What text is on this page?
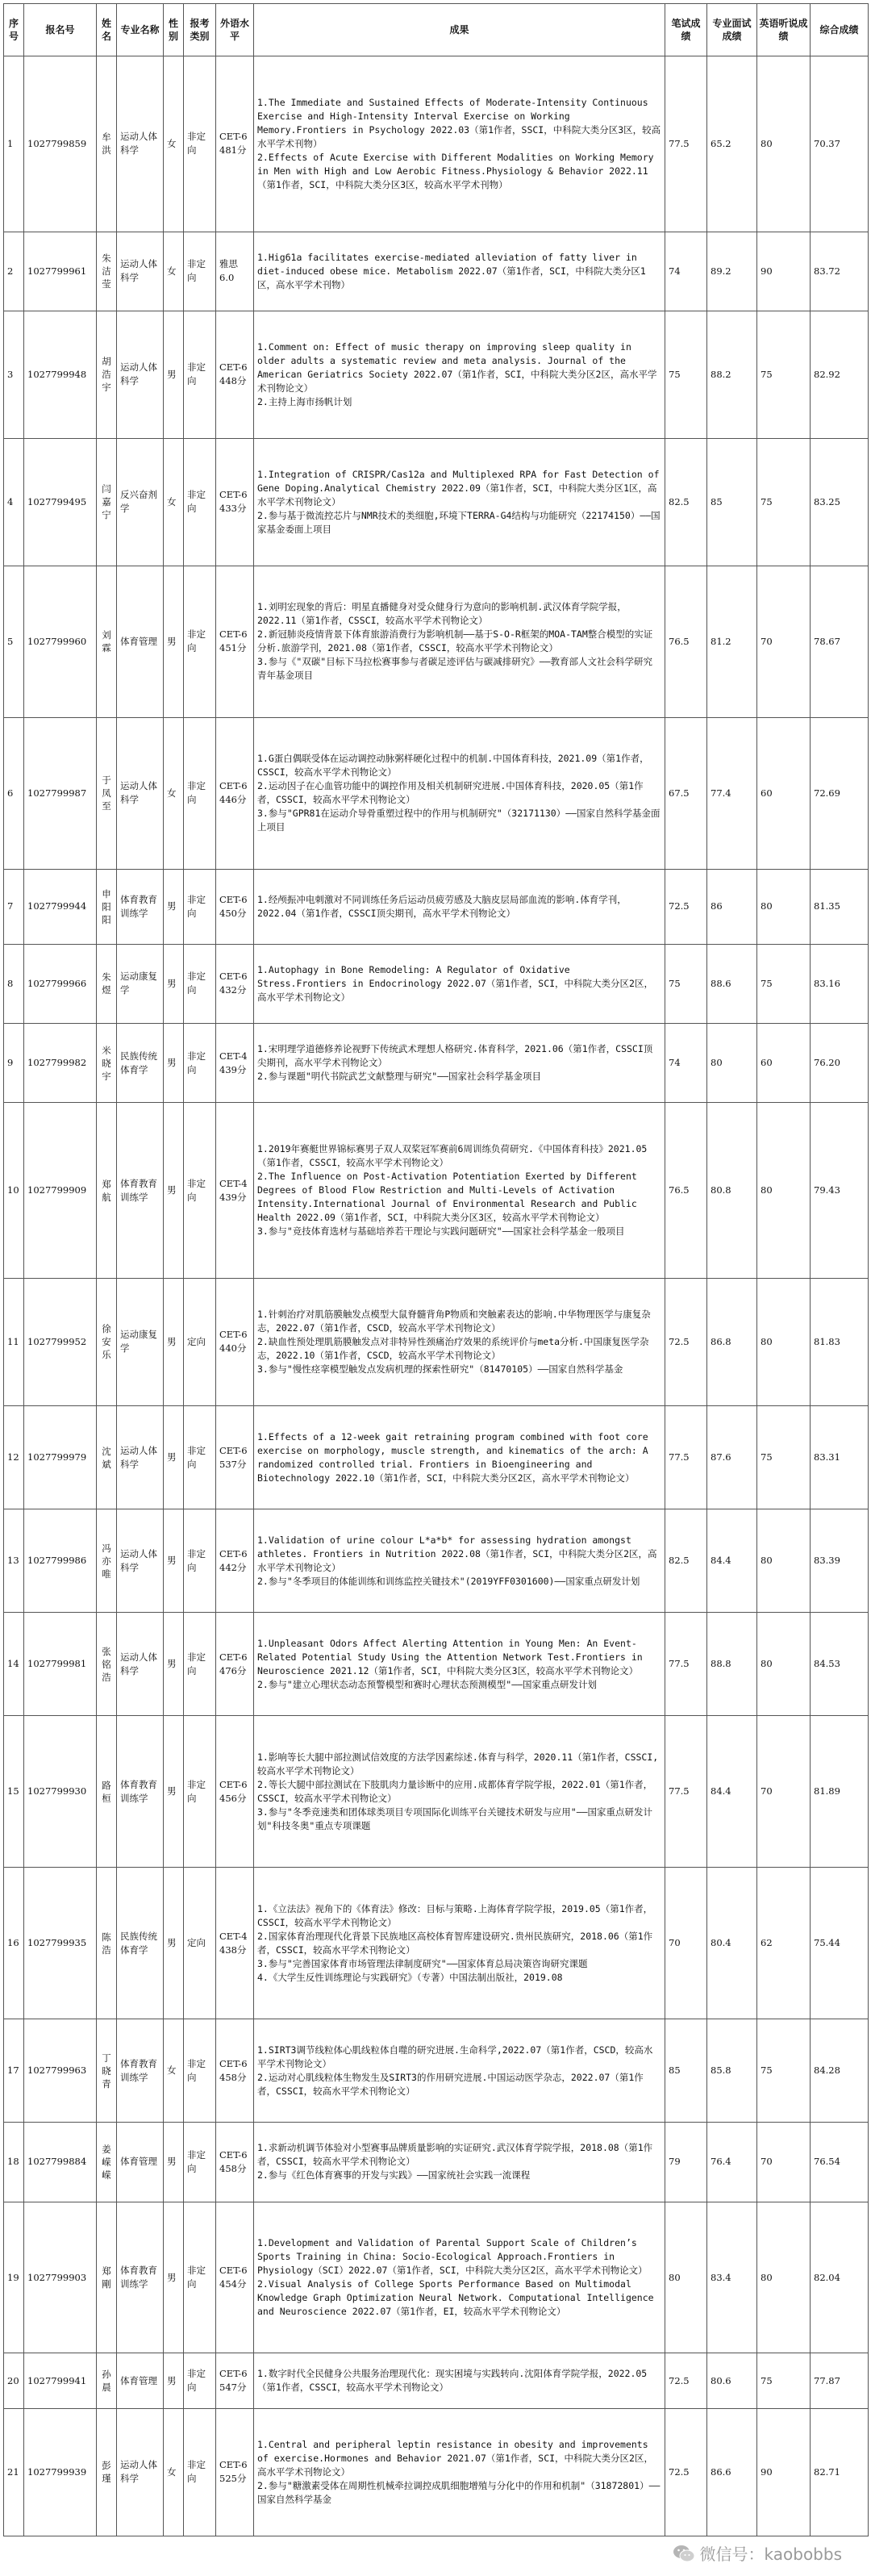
序号	报名号	姓名	专业名称	性别	报考类别	外语水平	成果	笔试成绩	专业面试成绩	英语听说成绩	综合成绩
1	1027799859	牟洪	运动人体科学	女	非定向	CET-6 481分	1.The Immediate and Sustained Effects of Moderate-Intensity Continuous Exercise and High-Intensity Interval Exercise on Working Memory.Frontiers in Psychology 2022.03（第1作者，SSCI，中科院大类分区3区，较高水平学术刊物）
2.Effects of Acute Exercise with Different Modalities on Working Memory in Men with High and Low Aerobic Fitness.Physiology & Behavior 2022.11（第1作者，SCI，中科院大类分区3区，较高水平学术刊物）	77.5	65.2	80	70.37
2	1027799961	朱洁莹	运动人体科学	女	非定向	雅思6.0	1.Hig61a facilitates exercise-mediated alleviation of fatty liver in diet-induced obese mice. Metabolism 2022.07（第1作者，SCI，中科院大类分区1区，高水平学术刊物）	74	89.2	90	83.72
3	1027799948	胡浩宇	运动人体科学	男	非定向	CET-6 448分	1.Comment on: Effect of music therapy on improving sleep quality in older adults a systematic review and meta analysis. Journal of the American Geriatrics Society 2022.07（第1作者，SCI，中科院大类分区2区，高水平学术刊物论文）
2.主持上海市扬帆计划	75	88.2	75	82.92
4	1027799495	闫嘉宁	反兴奋剂学	女	非定向	CET-6 433分	1.Integration of CRISPR/Cas12a and Multiplexed RPA for Fast Detection of Gene Doping.Analytical Chemistry 2022.09（第1作者，SCI，中科院大类分区1区，高水平学术刊物论文）
2.参与基于微流控芯片与NMR技术的类细胞,环境下TERRA-G4结构与功能研究（22174150）——国家基金委面上项目	82.5	85	75	83.25
5	1027799960	刘霖	体育管理	男	非定向	CET-6 451分	1.刘明宏现象的背后：明星直播健身对受众健身行为意向的影响机制.武汉体育学院学报，2022.11（第1作者，CSSCI，较高水平学术刊物论文）
2.新冠肺炎疫情背景下体育旅游消费行为影响机制——基于S-O-R框架的MOA-TAM整合模型的实证分析.旅游学刊，2021.08（第1作者，CSSCI，较高水平学术刊物论文）
3.参与《"双碳"目标下马拉松赛事参与者碳足迹评估与碳减排研究》——教育部人文社会科学研究青年基金项目	76.5	81.2	70	78.67
6	1027799987	于凤至	运动人体科学	女	非定向	CET-6 446分	1.G蛋白偶联受体在运动调控动脉粥样硬化过程中的机制.中国体育科技，2021.09（第1作者，CSSCI，较高水平学术刊物论文）
2.运动因子在心血管功能中的调控作用及相关机制研究进展.中国体育科技，2020.05（第1作者，CSSCI，较高水平学术刊物论文）
3.参与"GPR81在运动介导骨重塑过程中的作用与机制研究"（32171130）——国家自然科学基金面上项目	67.5	77.4	60	72.69
7	1027799944	申阳阳	体育教育训练学	男	非定向	CET-6 450分	1.经颅振冲电刺激对不同训练任务后运动员疲劳感及大脑皮层局部血流的影响.体育学刊，2022.04（第1作者，CSSCI顶尖期刊，高水平学术刊物论文）	72.5	86	80	81.35
8	1027799966	朱煜	运动康复学	男	非定向	CET-6 432分	1.Autophagy in Bone Remodeling: A Regulator of Oxidative Stress.Frontiers in Endocrinology 2022.07（第1作者，SCI，中科院大类分区2区，高水平学术刊物论文）	75	88.6	75	83.16
9	1027799982	米晓宇	民族传统体育学	男	非定向	CET-4 439分	1.宋明理学道德修养论视野下传统武术理想人格研究.体育科学，2021.06（第1作者，CSSCI顶尖期刊，高水平学术刊物论文）
2.参与课题"明代书院武艺文献整理与研究"——国家社会科学基金项目	74	80	60	76.20
10	1027799909	郑航	体育教育训练学	男	非定向	CET-4 439分	1.2019年赛艇世界锦标赛男子双人双桨冠军赛前6周训练负荷研究.《中国体育科技》2021.05（第1作者，CSSCI，较高水平学术刊物论文）
2.The Influence on Post-Activation Potentiation Exerted by Different Degrees of Blood Flow Restriction and Multi-Levels of Activation Intensity.International Journal of Environmental Research and Public Health 2022.09（第1作者，SCI，中科院大类分区3区，较高水平学术刊物论文）
3.参与"竞技体育选材与基础培养若干理论与实践问题研究"——国家社会科学基金一般项目	76.5	80.8	80	79.43
11	1027799952	徐安乐	运动康复学	男	定向	CET-6 440分	1.针刺治疗对肌筋膜触发点模型大鼠脊髓背角P物质和突触素表达的影响.中华物理医学与康复杂志，2022.07（第1作者，CSCD，较高水平学术刊物论文）
2.缺血性预处理肌筋膜触发点对非特异性颈痛治疗效果的系统评价与meta分析.中国康复医学杂志，2022.10（第1作者，CSCD，较高水平学术刊物论文）
3.参与"慢性痉挛模型触发点发病机理的探索性研究"（81470105）——国家自然科学基金	72.5	86.8	80	81.83
12	1027799979	沈斌	运动人体科学	男	非定向	CET-6 537分	1.Effects of a 12-week gait retraining program combined with foot core exercise on morphology, muscle strength, and kinematics of the arch: A randomized controlled trial. Frontiers in Bioengineering and Biotechnology 2022.10（第1作者，SCI，中科院大类分区2区，高水平学术刊物论文）	77.5	87.6	75	83.31
13	1027799986	冯亦唯	运动人体科学	男	非定向	CET-6 442分	1.Validation of urine colour L*a*b* for assessing hydration amongst athletes. Frontiers in Nutrition 2022.08（第1作者，SCI，中科院大类分区2区，高水平学术刊物论文）
2.参与"冬季项目的体能训练和训练监控关键技术"(2019YFF0301600)——国家重点研发计划	82.5	84.4	80	83.39
14	1027799981	张铭浩	运动人体科学	男	非定向	CET-6 476分	1.Unpleasant Odors Affect Alerting Attention in Young Men: An Event-Related Potential Study Using the Attention Network Test.Frontiers in Neuroscience 2021.12（第1作者，SCI，中科院大类分区3区，较高水平学术刊物论文）
2.参与"建立心理状态动态预警模型和赛时心理状态预测模型"——国家重点研发计划	77.5	88.8	80	84.53
15	1027799930	路桓	体育教育训练学	男	非定向	CET-6 456分	1.影响等长大腿中部拉测试信效度的方法学因素综述.体育与科学，2020.11（第1作者，CSSCI,较高水平学术刊物论文）
2.等长大腿中部拉测试在下肢肌肉力量诊断中的应用.成都体育学院学报，2022.01（第1作者，CSSCI，较高水平学术刊物论文）
3.参与"冬季竞速类和团体球类项目专项国际化训练平台关键技术研发与应用"——国家重点研发计划"科技冬奥"重点专项课题	77.5	84.4	70	81.89
16	1027799935	陈浩	民族传统体育学	男	定向	CET-4 438分	1.《立法法》视角下的《体育法》修改：目标与策略.上海体育学院学报，2019.05（第1作者，CSSCI，较高水平学术刊物论文）
2.国家体育治理现代化背景下民族地区高校体育智库建设研究.贵州民族研究，2018.06（第1作者，CSSCI，较高水平学术刊物论文）
3.参与"完善国家体育市场管理法律制度研究"——国家体育总局决策咨询研究课题
4.《大学生反性训练理论与实践研究》（专著）中国法制出版社，2019.08	70	80.4	62	75.44
17	1027799963	丁晓青	体育教育训练学	女	非定向	CET-6 458分	1.SIRT3调节线粒体心肌线粒体自噬的研究进展.生命科学,2022.07（第1作者，CSCD，较高水平学术刊物论文）
2.运动对心肌线粒体生物发生及SIRT3的作用研究进展.中国运动医学杂志，2022.07（第1作者，CSSCI，较高水平学术刊物论文）	85	85.8	75	84.28
18	1027799884	姜嵘嵘	体育管理	男	非定向	CET-6 458分	1.求新动机调节体验对小型赛事品牌质量影响的实证研究.武汉体育学院学报，2018.08（第1作者，CSSCI，较高水平学术刊物论文）
2.参与《红色体育赛事的开发与实践》——国家统社会实践一流课程	79	76.4	70	76.54
19	1027799903	郑剛	体育教育训练学	男	非定向	CET-6 454分	1.Development and Validation of Parental Support Scale of Children’s Sports Training in China: Socio-Ecological Approach.Frontiers in Physiology（SCI）2022.07（第1作者，SCI，中科院大类分区2区，高水平学术刊物论文）
2.Visual Analysis of College Sports Performance Based on Multimodal Knowledge Graph Optimization Neural Network. Computational Intelligence and Neuroscience 2022.07（第1作者，EI，较高水平学术刊物论文）	80	83.4	80	82.04
20	1027799941	孙晨	体育管理	男	非定向	CET-6 547分	1.数字时代全民健身公共服务治理现代化：现实困境与实践转向.沈阳体育学院学报，2022.05（第1作者，CSSCI，较高水平学术刊物论文）	72.5	80.6	75	77.87
21	1027799939	彭瑾	运动人体科学	女	非定向	CET-6 525分	1.Central and peripheral leptin resistance in obesity and improvements of exercise.Hormones and Behavior 2021.07（第1作者，SCI，中科院大类分区2区，高水平学术刊物论文）
2.参与"糖激素受体在周期性机械牵拉调控成肌细胞增殖与分化中的作用和机制"（31872801）——国家自然科学基金	72.5	86.6	90	82.71
微信号：kaobobbs
